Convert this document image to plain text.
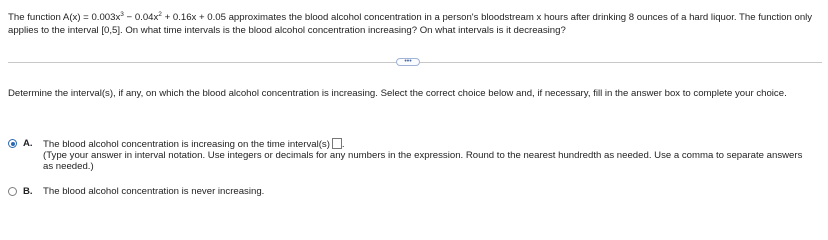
The function $A(x) = 0.003x^3 - 0.04x^2 + 0.16x + 0.05$ approximates the blood alcohol concentration in a person's bloodstream x hours after drinking 8 ounces of a hard liquor. The function only applies to the interval [0,5]. On what time intervals is the blood alcohol concentration increasing? On what intervals is it decreasing?

•••

Determine the interval(s), if any, on which the blood alcohol concentration is increasing. Select the correct choice below and, if necessary, fill in the answer box to complete your choice.

A.	The blood alcohol concentration is increasing on the time interval(s) .
(Type your answer in interval notation. Use integers or decimals for any numbers in the expression. Round to the nearest hundredth as needed. Use a comma to separate answers as needed.)
B.	The blood alcohol concentration is never increasing.
